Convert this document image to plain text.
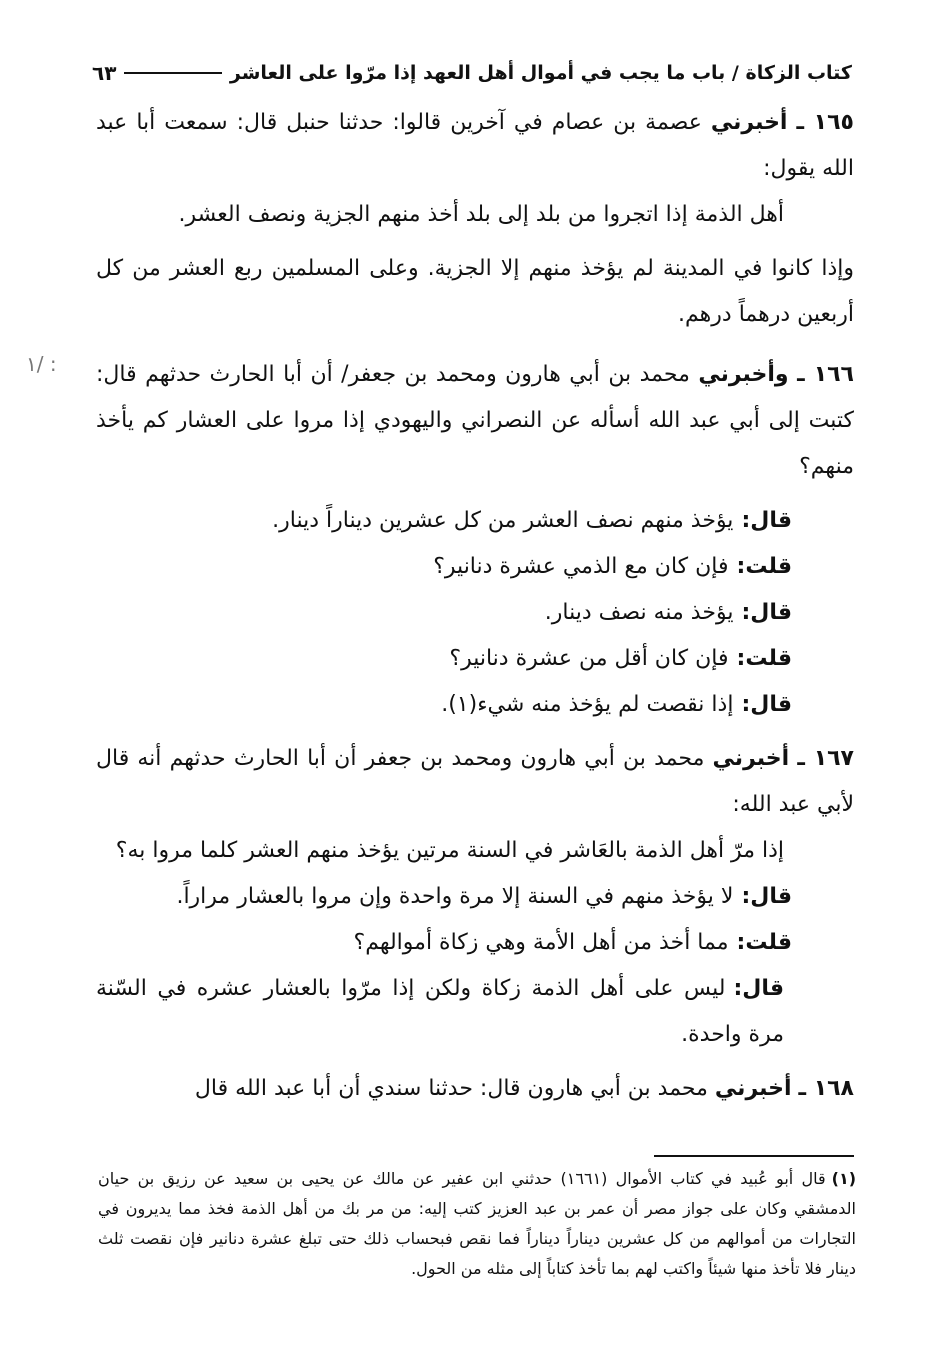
كتاب الزكاة / باب ما يجب في أموال أهل العهد إذا مرّوا على العاشر
٦٣
١/ :

١٦٥ ـ أخبرني عصمة بن عصام في آخرين قالوا: حدثنا حنبل قال: سمعت أبا عبد الله يقول:

أهل الذمة إذا اتجروا من بلد إلى بلد أخذ منهم الجزية ونصف العشر.

وإذا كانوا في المدينة لم يؤخذ منهم إلا الجزية. وعلى المسلمين ربع العشر من كل أربعين درهماً درهم.

١٦٦ ـ وأخبرني محمد بن أبي هارون ومحمد بن جعفر/ أن أبا الحارث حدثهم قال: كتبت إلى أبي عبد الله أسأله عن النصراني واليهودي إذا مروا على العشار كم يأخذ منهم؟

قال:يؤخذ منهم نصف العشر من كل عشرين ديناراً دينار.

قلت:فإن كان مع الذمي عشرة دنانير؟

قال:يؤخذ منه نصف دينار.

قلت:فإن كان أقل من عشرة دنانير؟

قال:إذا نقصت لم يؤخذ منه شيء(١).

١٦٧ ـ أخبرني محمد بن أبي هارون ومحمد بن جعفر أن أبا الحارث حدثهم أنه قال لأبي عبد الله:

إذا مرّ أهل الذمة بالعَاشر في السنة مرتين يؤخذ منهم العشر كلما مروا به؟

قال:لا يؤخذ منهم في السنة إلا مرة واحدة وإن مروا بالعشار مراراً.

قلت:مما أخذ من أهل الأمة وهي زكاة أموالهم؟

قال:ليس على أهل الذمة زكاة ولكن إذا مرّوا بالعشار عشره في السّنة مرة واحدة.

١٦٨ ـ أخبرني محمد بن أبي هارون قال: حدثنا سندي أن أبا عبد الله قال

(١)قال أبو عُبيد في كتاب الأموال (١٦٦١) حدثني ابن عفير عن مالك عن يحيى بن سعيد عن رزيق بن حيان الدمشقي وكان على جواز مصر أن عمر بن عبد العزيز كتب إليه: من مر بك من أهل الذمة فخذ مما يديرون في التجارات من أموالهم من كل عشرين ديناراً ديناراً فما نقص فبحساب ذلك حتى تبلغ عشرة دنانير فإن نقصت ثلث دينار فلا تأخذ منها شيئاً واكتب لهم بما تأخذ كتاباً إلى مثله من الحول.
